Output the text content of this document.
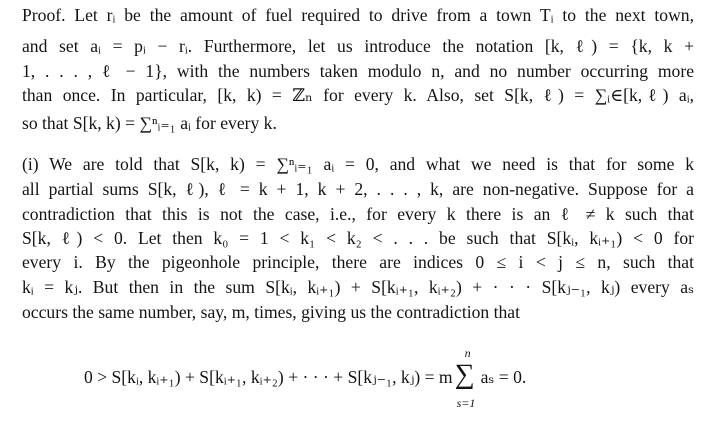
Proof. Let rᵢ be the amount of fuel required to drive from a town Tᵢ to the next town,
and set aᵢ = pᵢ − rᵢ. Furthermore, let us introduce the notation [k, ℓ) = {k, k +
1, . . . , ℓ − 1}, with the numbers taken modulo n, and no number occurring more
than once. In particular, [k, k) = ℤₙ for every k. Also, set S[k, ℓ) = ∑ᵢ∈[k,ℓ) aᵢ,
so that S[k, k) = ∑ⁿᵢ₌₁ aᵢ for every k.
(i) We are told that S[k, k) = ∑ⁿᵢ₌₁ aᵢ = 0, and what we need is that for some k
all partial sums S[k, ℓ), ℓ = k + 1, k + 2, . . . , k, are non-negative. Suppose for a
contradiction that this is not the case, i.e., for every k there is an ℓ ≠ k such that
S[k, ℓ) < 0. Let then k₀ = 1 < k₁ < k₂ < . . . be such that S[kᵢ, kᵢ₊₁) < 0 for
every i. By the pigeonhole principle, there are indices 0 ≤ i < j ≤ n, such that
kᵢ = kⱼ. But then in the sum S[kᵢ, kᵢ₊₁) + S[kᵢ₊₁, kᵢ₊₂) + · · · S[kⱼ₋₁, kⱼ) every aₛ
occurs the same number, say, m, times, giving us the contradiction that
0 > S[kᵢ, kᵢ₊₁) + S[kᵢ₊₁, kᵢ₊₂) + · · · + S[kⱼ₋₁, kⱼ) = m
n
∑
s=1
aₛ = 0.
